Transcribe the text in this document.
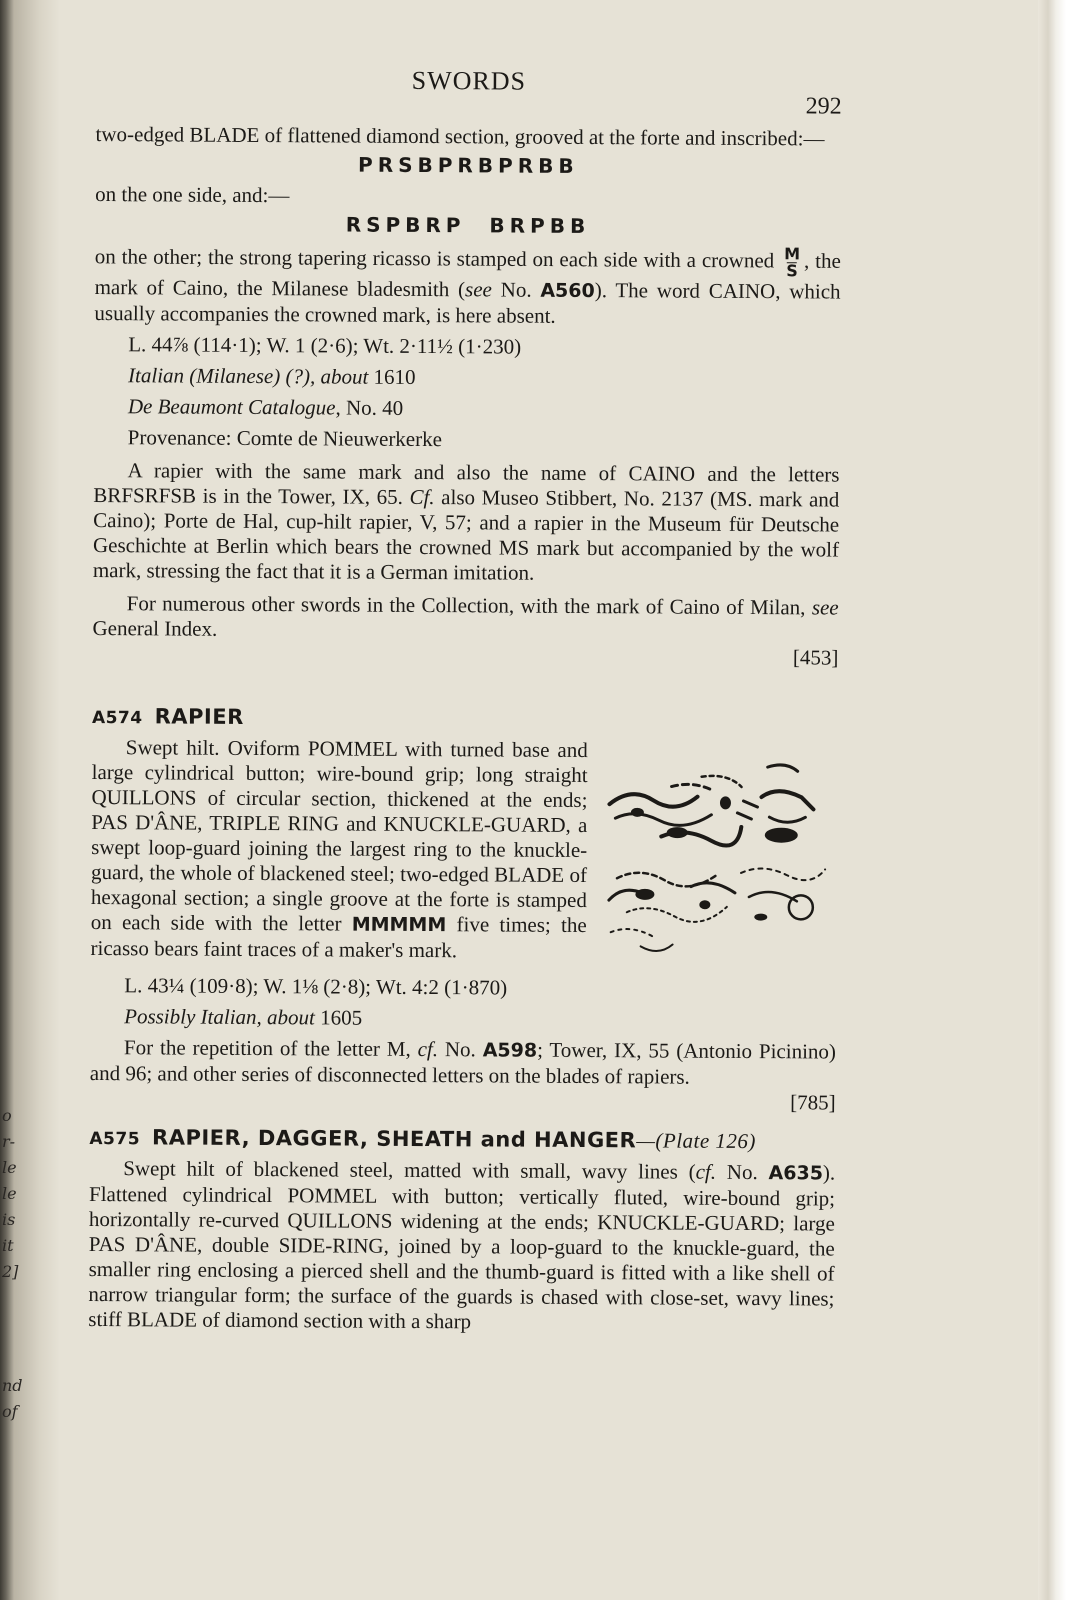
o
r-
le
le
is
it
2]
nd
of
SWORDS
292

two-edged BLADE of flattened diamond section, grooved at the forte and inscribed:—

PRSBPRBPRBB

on the one side, and:—

RSPBRP  BRPBB

on the other; the strong tapering ricasso is stamped on each side with a crowned $\frac{M}{S}$ , the mark of Caino, the Milanese bladesmith (see No. A560). The word CAINO, which usually accompanies the crowned mark, is here absent.

L. 44⅞ (114·1); W. 1 (2·6); Wt. 2·11½ (1·230)

Italian (Milanese) (?), about 1610

De Beaumont Catalogue, No. 40

Provenance: Comte de Nieuwerkerke

A rapier with the same mark and also the name of CAINO and the letters BRFSRFSB is in the Tower, IX, 65. Cf. also Museo Stibbert, No. 2137 (MS. mark and Caino); Porte de Hal, cup-hilt rapier, V, 57; and a rapier in the Museum für Deutsche Geschichte at Berlin which bears the crowned MS mark but accompanied by the wolf mark, stressing the fact that it is a German imitation.

For numerous other swords in the Collection, with the mark of Caino of Milan, see General Index.

[453]
A574 RAPIER

Swept hilt. Oviform POMMEL with turned base and large cylindrical button; wire-bound grip; long straight QUILLONS of circular section, thickened at the ends; PAS D'ÂNE, TRIPLE RING and KNUCKLE-GUARD, a swept loop-guard joining the largest ring to the knuckle-guard, the whole of blackened steel; two-edged BLADE of hexagonal section; a single groove at the forte is stamped on each side with the letter MMMMM five times; the ricasso bears faint traces of a maker's mark.

L. 43¼ (109·8); W. 1⅛ (2·8); Wt. 4:2 (1·870)

Possibly Italian, about 1605

For the repetition of the letter M, cf. No. A598; Tower, IX, 55 (Antonio Picinino) and 96; and other series of disconnected letters on the blades of rapiers.

[785]
A575 RAPIER, DAGGER, SHEATH and HANGER—(Plate 126)

Swept hilt of blackened steel, matted with small, wavy lines (cf. No. A635). Flattened cylindrical POMMEL with button; vertically fluted, wire-bound grip; horizontally re-curved QUILLONS widening at the ends; KNUCKLE-GUARD; large PAS D'ÂNE, double SIDE-RING, joined by a loop-guard to the knuckle-guard, the smaller ring enclosing a pierced shell and the thumb-guard is fitted with a like shell of narrow triangular form; the surface of the guards is chased with close-set, wavy lines; stiff BLADE of diamond section with a sharp
